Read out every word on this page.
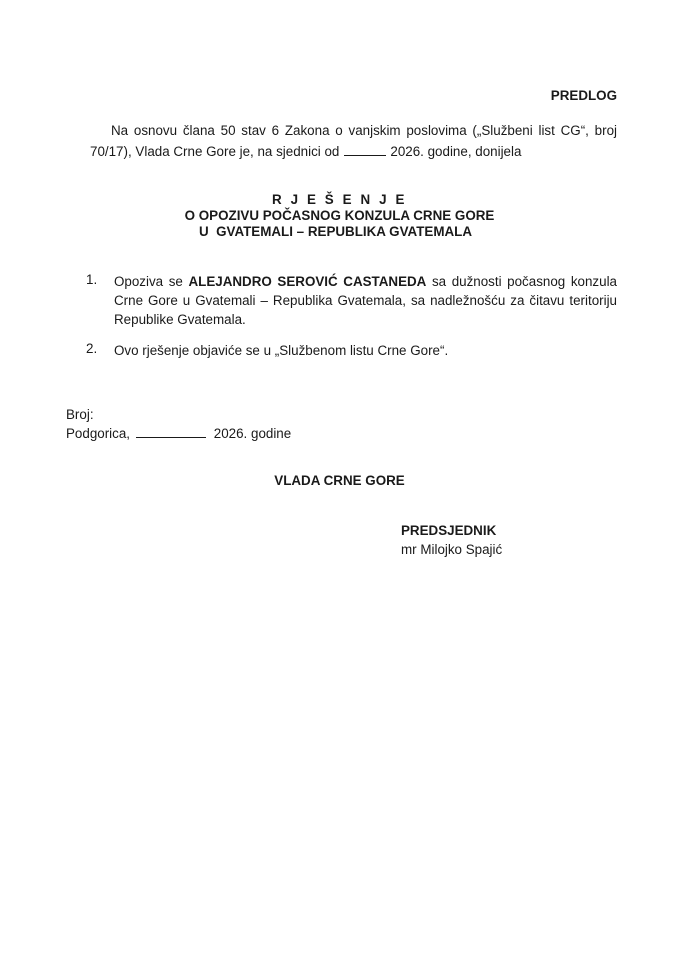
PREDLOG
Na osnovu člana 50 stav 6 Zakona o vanjskim poslovima („Službeni list CG“, broj 70/17), Vlada Crne Gore je, na sjednici od	2026. godine, donijela
R J E Š E N J E
O OPOZIVU POČASNOG KONZULA CRNE GORE
U  GVATEMALI – REPUBLIKA GVATEMALA
1. Opoziva se ALEJANDRO SEROVIĆ CASTANEDA sa dužnosti počasnog konzula Crne Gore u Gvatemali – Republika Gvatemala, sa nadležnošću za čitavu teritoriju Republike Gvatemala.
2. Ovo rješenje objaviće se u „Službenom listu Crne Gore“.
Broj:
Podgorica,	2026. godine
VLADA CRNE GORE
PREDSJEDNIK
mr Milojko Spajić
